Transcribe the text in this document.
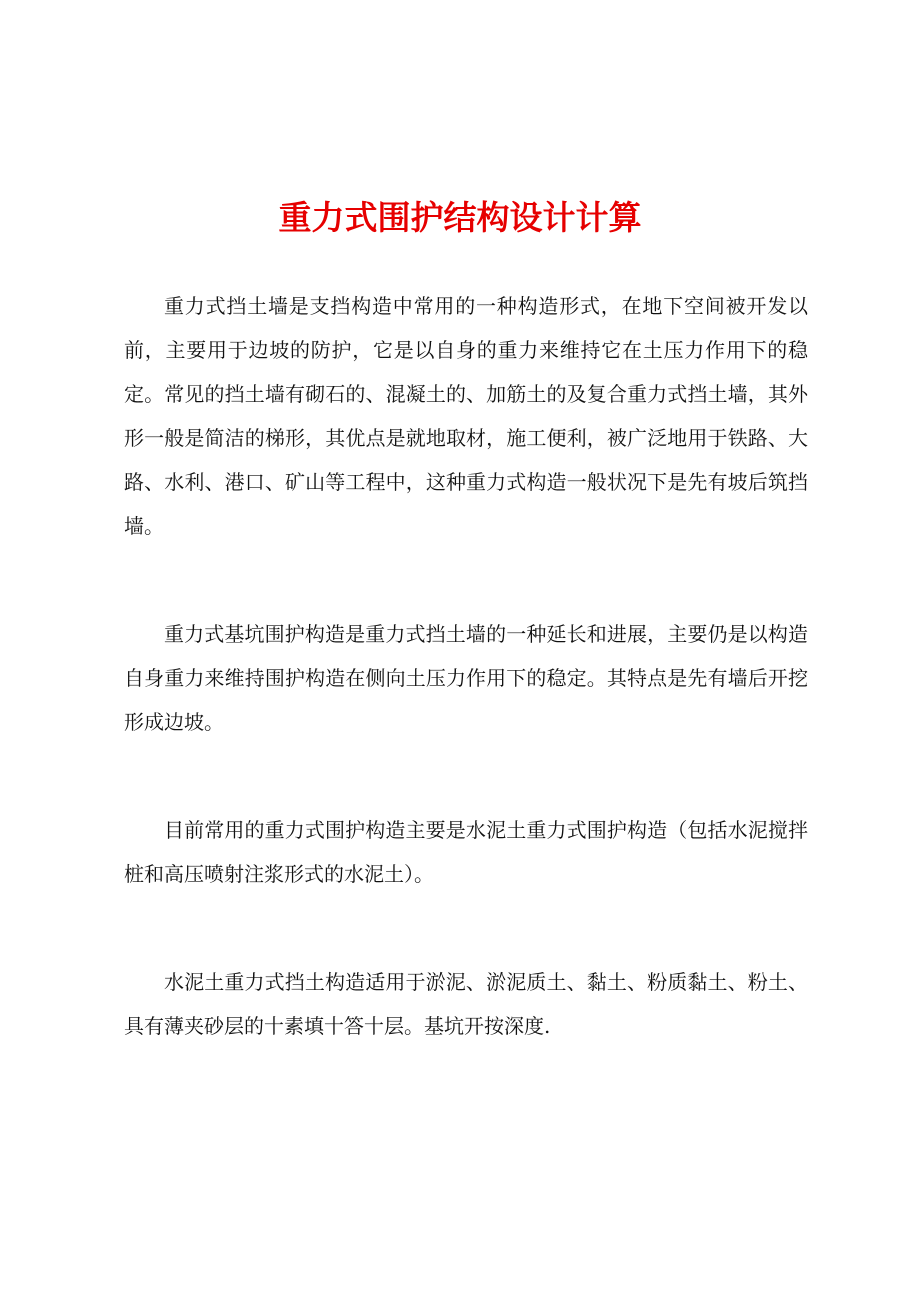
重力式围护结构设计计算

重力式挡土墙是支挡构造中常用的一种构造形式，在地下空间被开发以前，主要用于边坡的防护，它是以自身的重力来维持它在土压力作用下的稳定。常见的挡土墙有砌石的、混凝土的、加筋土的及复合重力式挡土墙，其外形一般是简洁的梯形，其优点是就地取材，施工便利，被广泛地用于铁路、大路、水利、港口、矿山等工程中，这种重力式构造一般状况下是先有坡后筑挡墙。

重力式基坑围护构造是重力式挡土墙的一种延长和进展，主要仍是以构造自身重力来维持围护构造在侧向土压力作用下的稳定。其特点是先有墙后开挖形成边坡。

目前常用的重力式围护构造主要是水泥土重力式围护构造（包括水泥搅拌桩和高压喷射注浆形式的水泥土）。

水泥土重力式挡土构造适用于淤泥、淤泥质土、黏土、粉质黏土、粉土、具有薄夹砂层的十素填十答十层。基坑开按深度.
